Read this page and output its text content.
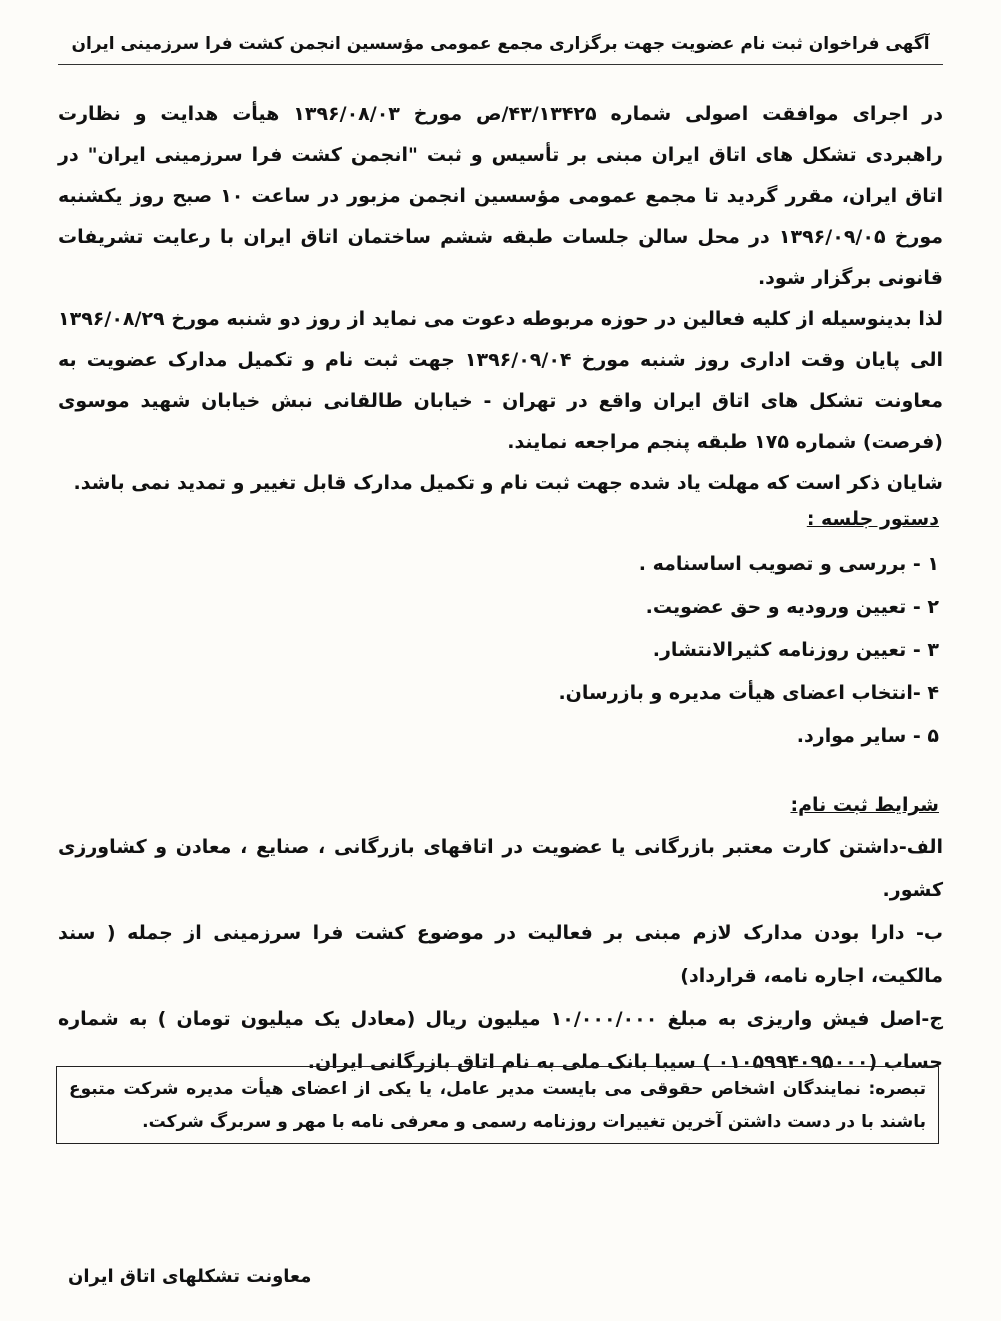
آگهی فراخوان ثبت نام عضویت جهت برگزاری مجمع عمومی مؤسسین انجمن کشت فرا سرزمینی ایران

در اجرای موافقت اصولی شماره ۴۳/۱۳۴۲۵/ص مورخ ۱۳۹۶/۰۸/۰۳ هیأت هدایت و نظارت راهبردی تشکل های اتاق ایران مبنی بر تأسیس و ثبت "انجمن کشت فرا سرزمینی ایران" در اتاق ایران، مقرر گردید تا مجمع عمومی مؤسسین انجمن مزبور در ساعت ۱۰ صبح روز یکشنبه مورخ ۱۳۹۶/۰۹/۰۵ در محل سالن جلسات طبقه ششم ساختمان اتاق ایران با رعایت تشریفات قانونی برگزار شود.

لذا بدینوسیله از کلیه فعالین در حوزه مربوطه دعوت می نماید از روز دو شنبه مورخ ۱۳۹۶/۰۸/۲۹ الی پایان وقت اداری روز شنبه مورخ ۱۳۹۶/۰۹/۰۴ جهت ثبت نام و تکمیل مدارک عضویت به معاونت تشکل های اتاق ایران واقع در تهران - خیابان طالقانی نبش خیابان شهید موسوی (فرصت) شماره ۱۷۵ طبقه پنجم مراجعه نمایند.

شایان ذکر است که مهلت یاد شده جهت ثبت نام و تکمیل مدارک قابل تغییر و تمدید نمی باشد.

دستور جلسه :
۱ - بررسی و تصویب اساسنامه .
۲ - تعیین ورودیه و حق عضویت.
۳ - تعیین روزنامه کثیرالانتشار.
۴ -انتخاب اعضای هیأت مدیره و بازرسان.
۵ - سایر موارد.
شرایط ثبت نام:

الف-داشتن کارت معتبر بازرگانی یا عضویت در اتاقهای بازرگانی ، صنایع ، معادن و کشاورزی کشور.

ب- دارا بودن مدارک لازم مبنی بر فعالیت در موضوع کشت فرا سرزمینی از جمله ( سند مالکیت، اجاره نامه، قرارداد)

ج-اصل فیش واریزی به مبلغ ۱۰/۰۰۰/۰۰۰ میلیون ریال (معادل یک میلیون تومان ) به شماره حساب (۰۱۰۵۹۹۴۰۹۵۰۰۰ ) سیبا بانک ملی به نام اتاق بازرگانی ایران.

تبصره: نمایندگان اشخاص حقوقی می بایست مدیر عامل، یا یکی از اعضای هیأت مدیره شرکت متبوع باشند با در دست داشتن آخرین تغییرات روزنامه رسمی و معرفی نامه با مهر و سربرگ شرکت.
معاونت تشکلهای اتاق ایران
